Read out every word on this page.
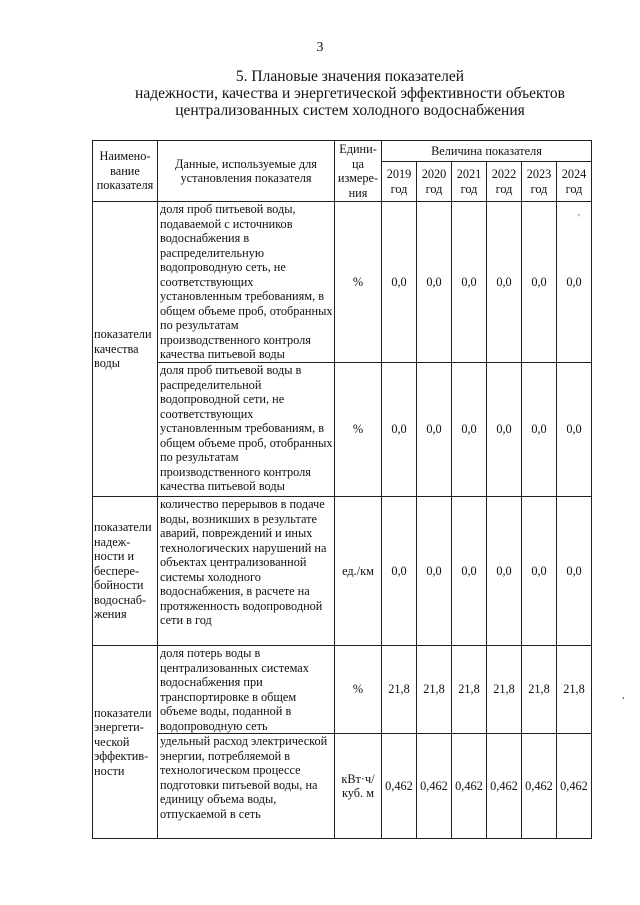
3
5. Плановые значения показателей
надежности, качества и энергетической эффективности объектов
централизованных систем холодного водоснабжения
Наимено-вание показателя	Данные, используемые для установления показателя	Едини-ца измере-ния	Величина показателя					
			2019 год	2020 год	2021 год	2022 год	2023 год	2024 год
показатели качества воды	доля проб питьевой воды, подаваемой с источников водоснабжения в распределительную водопроводную сеть, не соответствующих установленным требованиям, в общем объеме проб, отобранных по результатам производственного контроля качества питьевой воды	%	0,0	0,0	0,0	0,0	0,0	0,0
	доля проб питьевой воды в распределительной водопроводной сети, не соответствующих установленным требованиям, в общем объеме проб, отобранных по результатам производственного контроля качества питьевой воды	%	0,0	0,0	0,0	0,0	0,0	0,0
показатели надеж-ности и беспере-бойности водоснаб-жения	количество перерывов в подаче воды, возникших в результате аварий, повреждений и иных технологических нарушений на объектах централизованной системы холодного водоснабжения, в расчете на протяженность водопроводной сети в год	ед./км	0,0	0,0	0,0	0,0	0,0	0,0
показатели энергети-ческой эффектив-ности	доля потерь воды в централизованных системах водоснабжения при транспортировке в общем объеме воды, поданной в водопроводную сеть	%	21,8	21,8	21,8	21,8	21,8	21,8
	удельный расход электрической энергии, потребляемой в технологическом процессе подготовки питьевой воды, на единицу объема воды, отпускаемой в сеть	кВт·ч/ куб. м	0,462	0,462	0,462	0,462	0,462	0,462
'
,
